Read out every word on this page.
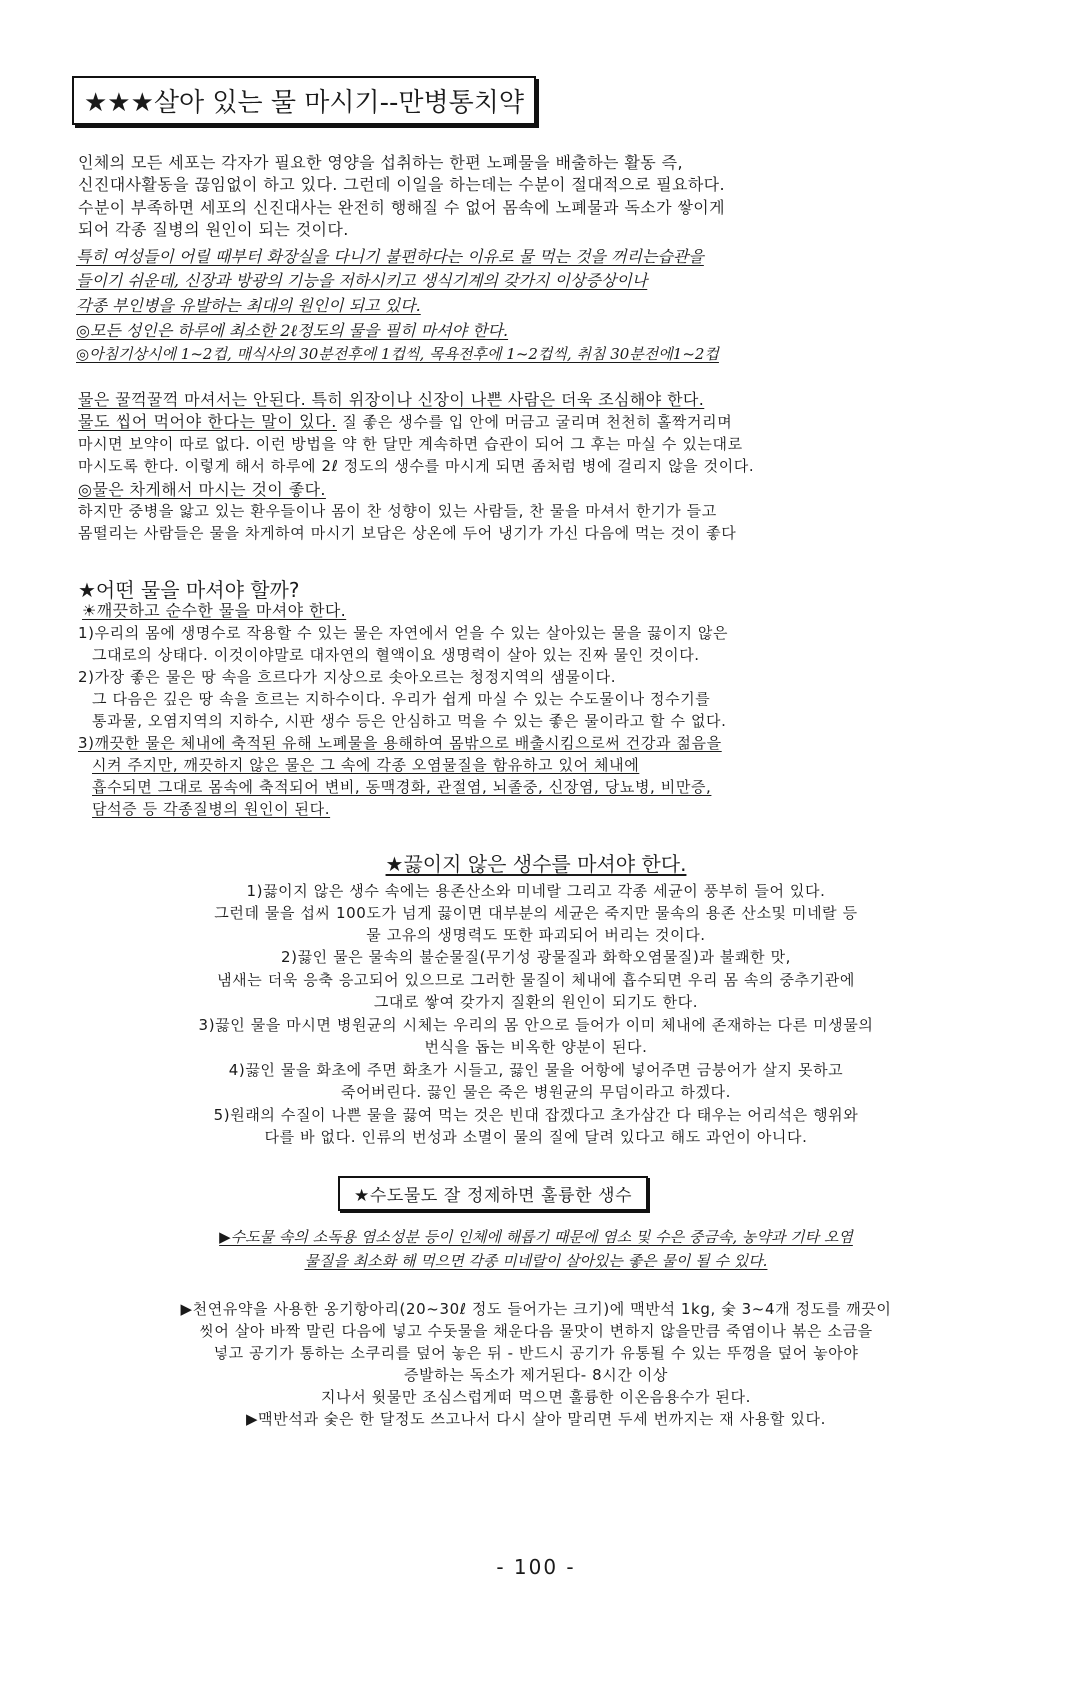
★★★살아 있는 물 마시기--만병통치약
인체의 모든 세포는 각자가 필요한 영양을 섭취하는 한편 노폐물을 배출하는 활동 즉,
신진대사활동을 끊임없이 하고 있다. 그런데 이일을 하는데는 수분이 절대적으로 필요하다.
수분이 부족하면 세포의 신진대사는 완전히 행해질 수 없어 몸속에 노폐물과 독소가 쌓이게
되어 각종 질병의 원인이 되는 것이다.
특히 여성들이 어릴 때부터 화장실을 다니기 불편하다는 이유로 물 먹는 것을 꺼리는습관을
들이기 쉬운데, 신장과 방광의 기능을 저하시키고 생식기계의 갖가지 이상증상이나
각종 부인병을 유발하는 최대의 원인이 되고 있다.
◎모든 성인은 하루에 최소한 2ℓ정도의 물을 필히 마셔야 한다.
◎아침기상시에 1~2컵, 매식사의 30분전후에 1컵씩, 목욕전후에 1~2컵씩, 취침 30분전에1~2컵
물은 꿀꺽꿀꺽 마셔서는 안된다. 특히 위장이나 신장이 나쁜 사람은 더욱 조심해야 한다.
물도 씹어 먹어야 한다는 말이 있다. 질 좋은 생수를 입 안에 머금고 굴리며 천천히 홀짝거리며
마시면 보약이 따로 없다. 이런 방법을 약 한 달만 계속하면 습관이 되어 그 후는 마실 수 있는대로
마시도록 한다. 이렇게 해서 하루에 2ℓ 정도의 생수를 마시게 되면 좀처럼 병에 걸리지 않을 것이다.
◎물은 차게해서 마시는 것이 좋다.
하지만 중병을 앓고 있는 환우들이나 몸이 찬 성향이 있는 사람들, 찬 물을 마셔서 한기가 들고
몸떨리는 사람들은 물을 차게하여 마시기 보담은 상온에 두어 냉기가 가신 다음에 먹는 것이 좋다
★어떤 물을 마셔야 할까?
☀깨끗하고 순수한 물을 마셔야 한다.
1)우리의 몸에 생명수로 작용할 수 있는 물은 자연에서 얻을 수 있는 살아있는 물을 끓이지 않은
그대로의 상태다. 이것이야말로 대자연의 혈액이요 생명력이 살아 있는 진짜 물인 것이다.
2)가장 좋은 물은 땅 속을 흐르다가 지상으로 솟아오르는 청정지역의 샘물이다.
그 다음은 깊은 땅 속을 흐르는 지하수이다. 우리가 쉽게 마실 수 있는 수도물이나 정수기를
통과물, 오염지역의 지하수, 시판 생수 등은 안심하고 먹을 수 있는 좋은 물이라고 할 수 없다.
3)깨끗한 물은 체내에 축적된 유해 노폐물을 용해하여 몸밖으로 배출시킴으로써 건강과 젊음을
시켜 주지만, 깨끗하지 않은 물은 그 속에 각종 오염물질을 함유하고 있어 체내에
흡수되면 그대로 몸속에 축적되어 변비, 동맥경화, 관절염, 뇌졸중, 신장염, 당뇨병, 비만증,
담석증 등 각종질병의 원인이 된다.
★끓이지 않은 생수를 마셔야 한다.
1)끓이지 않은 생수 속에는 용존산소와 미네랄 그리고 각종 세균이 풍부히 들어 있다.
그런데 물을 섭씨 100도가 넘게 끓이면 대부분의 세균은 죽지만 물속의 용존 산소및 미네랄 등
물 고유의 생명력도 또한 파괴되어 버리는 것이다.
2)끓인 물은 물속의 불순물질(무기성 광물질과 화학오염물질)과 불쾌한 맛,
냄새는 더욱 응축 응고되어 있으므로 그러한 물질이 체내에 흡수되면 우리 몸 속의 중추기관에
그대로 쌓여 갖가지 질환의 원인이 되기도 한다.
3)끓인 물을 마시면 병원균의 시체는 우리의 몸 안으로 들어가 이미 체내에 존재하는 다른 미생물의
번식을 돕는 비옥한 양분이 된다.
4)끓인 물을 화초에 주면 화초가 시들고, 끓인 물을 어항에 넣어주면 금붕어가 살지 못하고
죽어버린다. 끓인 물은 죽은 병원균의 무덤이라고 하겠다.
5)원래의 수질이 나쁜 물을 끓여 먹는 것은 빈대 잡겠다고 초가삼간 다 태우는 어리석은 행위와
다를 바 없다. 인류의 번성과 소멸이 물의 질에 달려 있다고 해도 과언이 아니다.
★수도물도 잘 정제하면 훌륭한 생수
▶수도물 속의 소독용 염소성분 등이 인체에 해롭기 때문에 염소 및 수은 중금속, 농약과 기타 오염
물질을 최소화 해 먹으면 각종 미네랄이 살아있는 좋은 물이 될 수 있다.
▶천연유약을 사용한 옹기항아리(20~30ℓ 정도 들어가는 크기)에 맥반석 1kg, 숯 3~4개 정도를 깨끗이
씻어 살아 바짝 말린 다음에 넣고 수돗물을 채운다음 물맛이 변하지 않을만큼 죽염이나 볶은 소금을
넣고 공기가 통하는 소쿠리를 덮어 놓은 뒤 - 반드시 공기가 유통될 수 있는 뚜껑을 덮어 놓아야
증발하는 독소가 제거된다- 8시간 이상
지나서 윗물만 조심스럽게떠 먹으면 훌륭한 이온음용수가 된다.
▶맥반석과 숯은 한 달정도 쓰고나서 다시 살아 말리면 두세 번까지는 재 사용할 있다.
- 100 -
